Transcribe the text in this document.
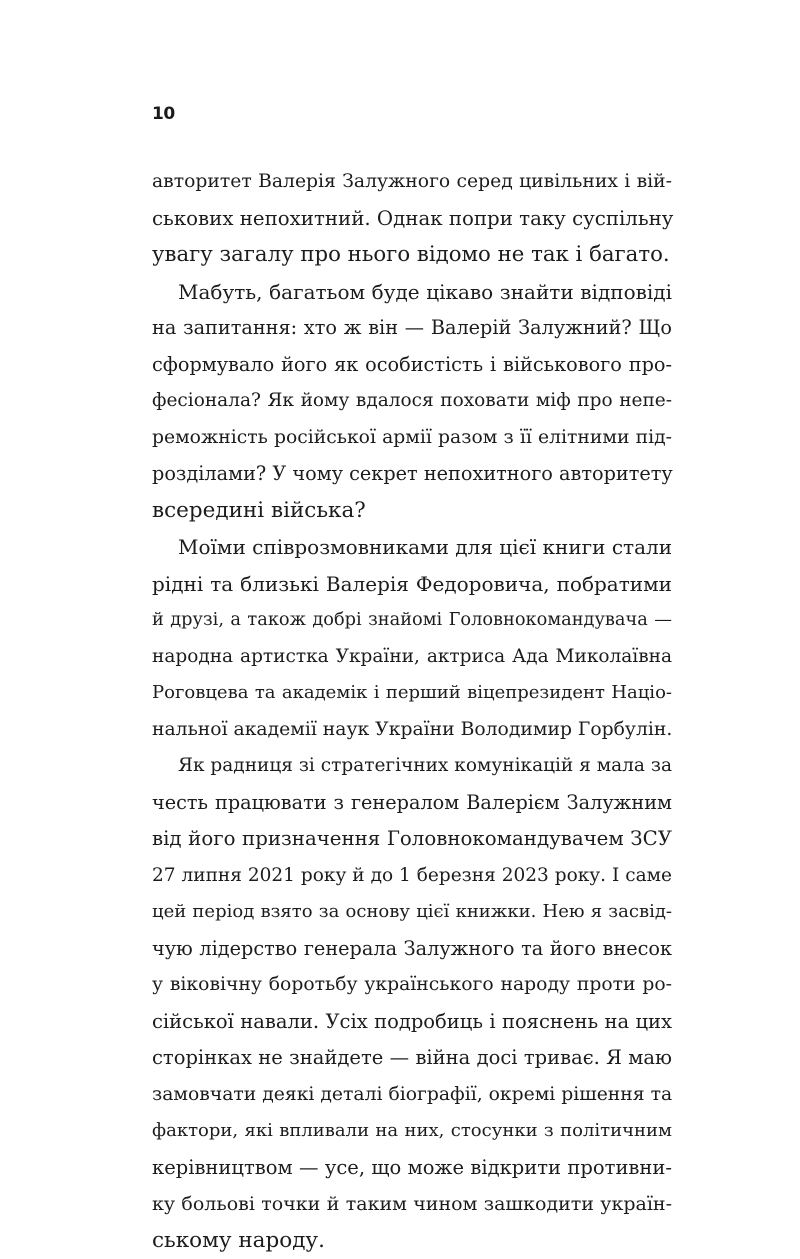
10
авторитет Валерія Залужного серед цивільних і вій-
ськових непохитний. Однак попри таку суспільну
увагу загалу про нього відомо не так і багато.
Мабуть, багатьом буде цікаво знайти відповіді
на запитання: хто ж він — Валерій Залужний? Що
сформувало його як особистість і військового про-
фесіонала? Як йому вдалося поховати міф про непе-
реможність російської армії разом з її елітними під-
розділами? У чому секрет непохитного авторитету
всередині війська?
Моїми співрозмовниками для цієї книги стали
рідні та близькі Валерія Федоровича, побратими
й друзі, а також добрі знайомі Головнокомандувача —
народна артистка України, актриса Ада Миколаївна
Роговцева та академік і перший віцепрезидент Націо-
нальної академії наук України Володимир Горбулін.
Як радниця зі стратегічних комунікацій я мала за
честь працювати з генералом Валерієм Залужним
від його призначення Головнокомандувачем ЗСУ
27 липня 2021 року й до 1 березня 2023 року. І саме
цей період взято за основу цієї книжки. Нею я засвід-
чую лідерство генерала Залужного та його внесок
у віковічну боротьбу українського народу проти ро-
сійської навали. Усіх подробиць і пояснень на цих
сторінках не знайдете — війна досі триває. Я маю
замовчати деякі деталі біографії, окремі рішення та
фактори, які впливали на них, стосунки з політичним
керівництвом — усе, що може відкрити противни-
ку больові точки й таким чином зашкодити україн-
ському народу.
